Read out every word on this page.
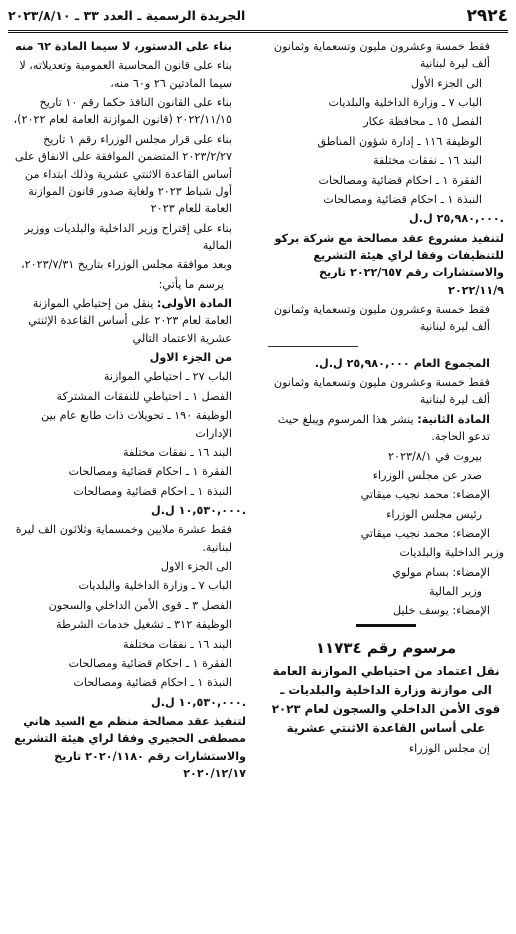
٢٩٢٤
الجريدة الرسمية ـ العدد ٣٣ ـ ٢٠٢٣/٨/١٠

فقط خمسة وعشرون مليون وتسعماية وثمانون ألف ليرة لبنانية

الى الجزء الأول

الباب ٧ ـ وزارة الداخلية والبلديات

الفصل ١٥ ـ محافظة عكار

الوظيفة ١١٦ ـ إدارة شؤون المناطق

البند ١٦ ـ نفقات مختلفة

الفقرة ١ ـ احكام قضائية ومصالحات

النبذة ١ ـ احكام قضائية ومصالحات

٢٥,٩٨٠,٠٠٠ ل.ل.

لتنفيذ مشروع عقد مصالحة مع شركة بركو للتنظيفات وفقا لراي هيئة التشريع والاستشارات رقم ٢٠٢٢/٦٥٧ تاريخ ٢٠٢٢/١١/٩

فقط خمسة وعشرون مليون وتسعماية وثمانون ألف ليرة لبنانية

المجموع العام ٢٥,٩٨٠,٠٠٠ ل.ل.

فقط خمسة وعشرون مليون وتسعماية وثمانون ألف ليرة لبنانية

المادة الثانية: ينشر هذا المرسوم ويبلغ حيث تدعو الحاجة.

بيروت في ٢٠٢٣/٨/١

صدر عن مجلس الوزراء

الإمضاء: محمد نجيب ميقاتي

رئيس مجلس الوزراء

الإمضاء: محمد نجيب ميقاتي

وزير الداخلية والبلديات

الإمضاء: بسام مولوي

وزير المالية

الإمضاء: يوسف خليل

مرسوم رقم ١١٧٣٤

نقل اعتماد من احتياطي الموازنة العامة الى موازنة وزارة الداخلية والبلديات ـ قوى الأمن الداخلي والسجون لعام ٢٠٢٣ على أساس القاعدة الاثنتي عشرية

إن مجلس الوزراء

بناء على الدستور، لا سيما المادة ٦٢ منه

بناء على قانون المحاسبة العمومية وتعديلاته، لا سيما المادتين ٢٦ و٦٠ منه،

بناء على القانون النافذ حكما رقم ١٠ تاريخ ٢٠٢٢/١١/١٥ (قانون الموازنة العامة لعام ٢٠٢٢)،

بناء على قرار مجلس الوزراء رقم ١ تاريخ ٢٠٢٣/٢/٢٧ المتضمن الموافقة على الانفاق على أساس القاعدة الاثنتي عشرية وذلك ابتداء من أول شباط ٢٠٢٣ ولغاية صدور قانون الموازنة العامة للعام ٢٠٢٣

بناء على إقتراح وزير الداخلية والبلديات ووزير المالية

وبعد موافقة مجلس الوزراء بتاريخ ٢٠٢٣/٧/٣١،

يرسم ما يأتي:

المادة الأولى: ينقل من إحتياطي الموازنة العامة لعام ٢٠٢٣ على أساس القاعدة الإثنتي عشرية الاعتماد التالي

من الجزء الاول

الباب ٢٧ ـ احتياطي الموازنة

الفصل ١ ـ احتياطي للنفقات المشتركة

الوظيفة ١٩٠ ـ تحويلات ذات طابع عام بين الإدارات

البند ١٦ ـ نفقات مختلفة

الفقرة ١ ـ احكام قضائية ومصالحات

النبذة ١ ـ احكام قضائية ومصالحات

١٠,٥٣٠,٠٠٠ ل.ل.

فقط عشرة ملايين وخمسماية وثلاثون الف ليرة لبنانية.

الى الجزء الاول

الباب ٧ ـ وزارة الداخلية والبلديات

الفصل ٣ ـ قوى الأمن الداخلي والسجون

الوظيفة ٣١٢ ـ تشغيل خدمات الشرطة

البند ١٦ ـ نفقات مختلفة

الفقرة ١ ـ احكام قضائية ومصالحات

النبذة ١ ـ احكام قضائية ومصالحات

١٠,٥٣٠,٠٠٠ ل.ل.

لتنفيذ عقد مصالحة منظم مع السيد هاني مصطفى الحجيري وفقا لراي هيئة التشريع والاستشارات رقم ٢٠٢٠/١١٨٠ تاريخ ٢٠٢٠/١٢/١٧
